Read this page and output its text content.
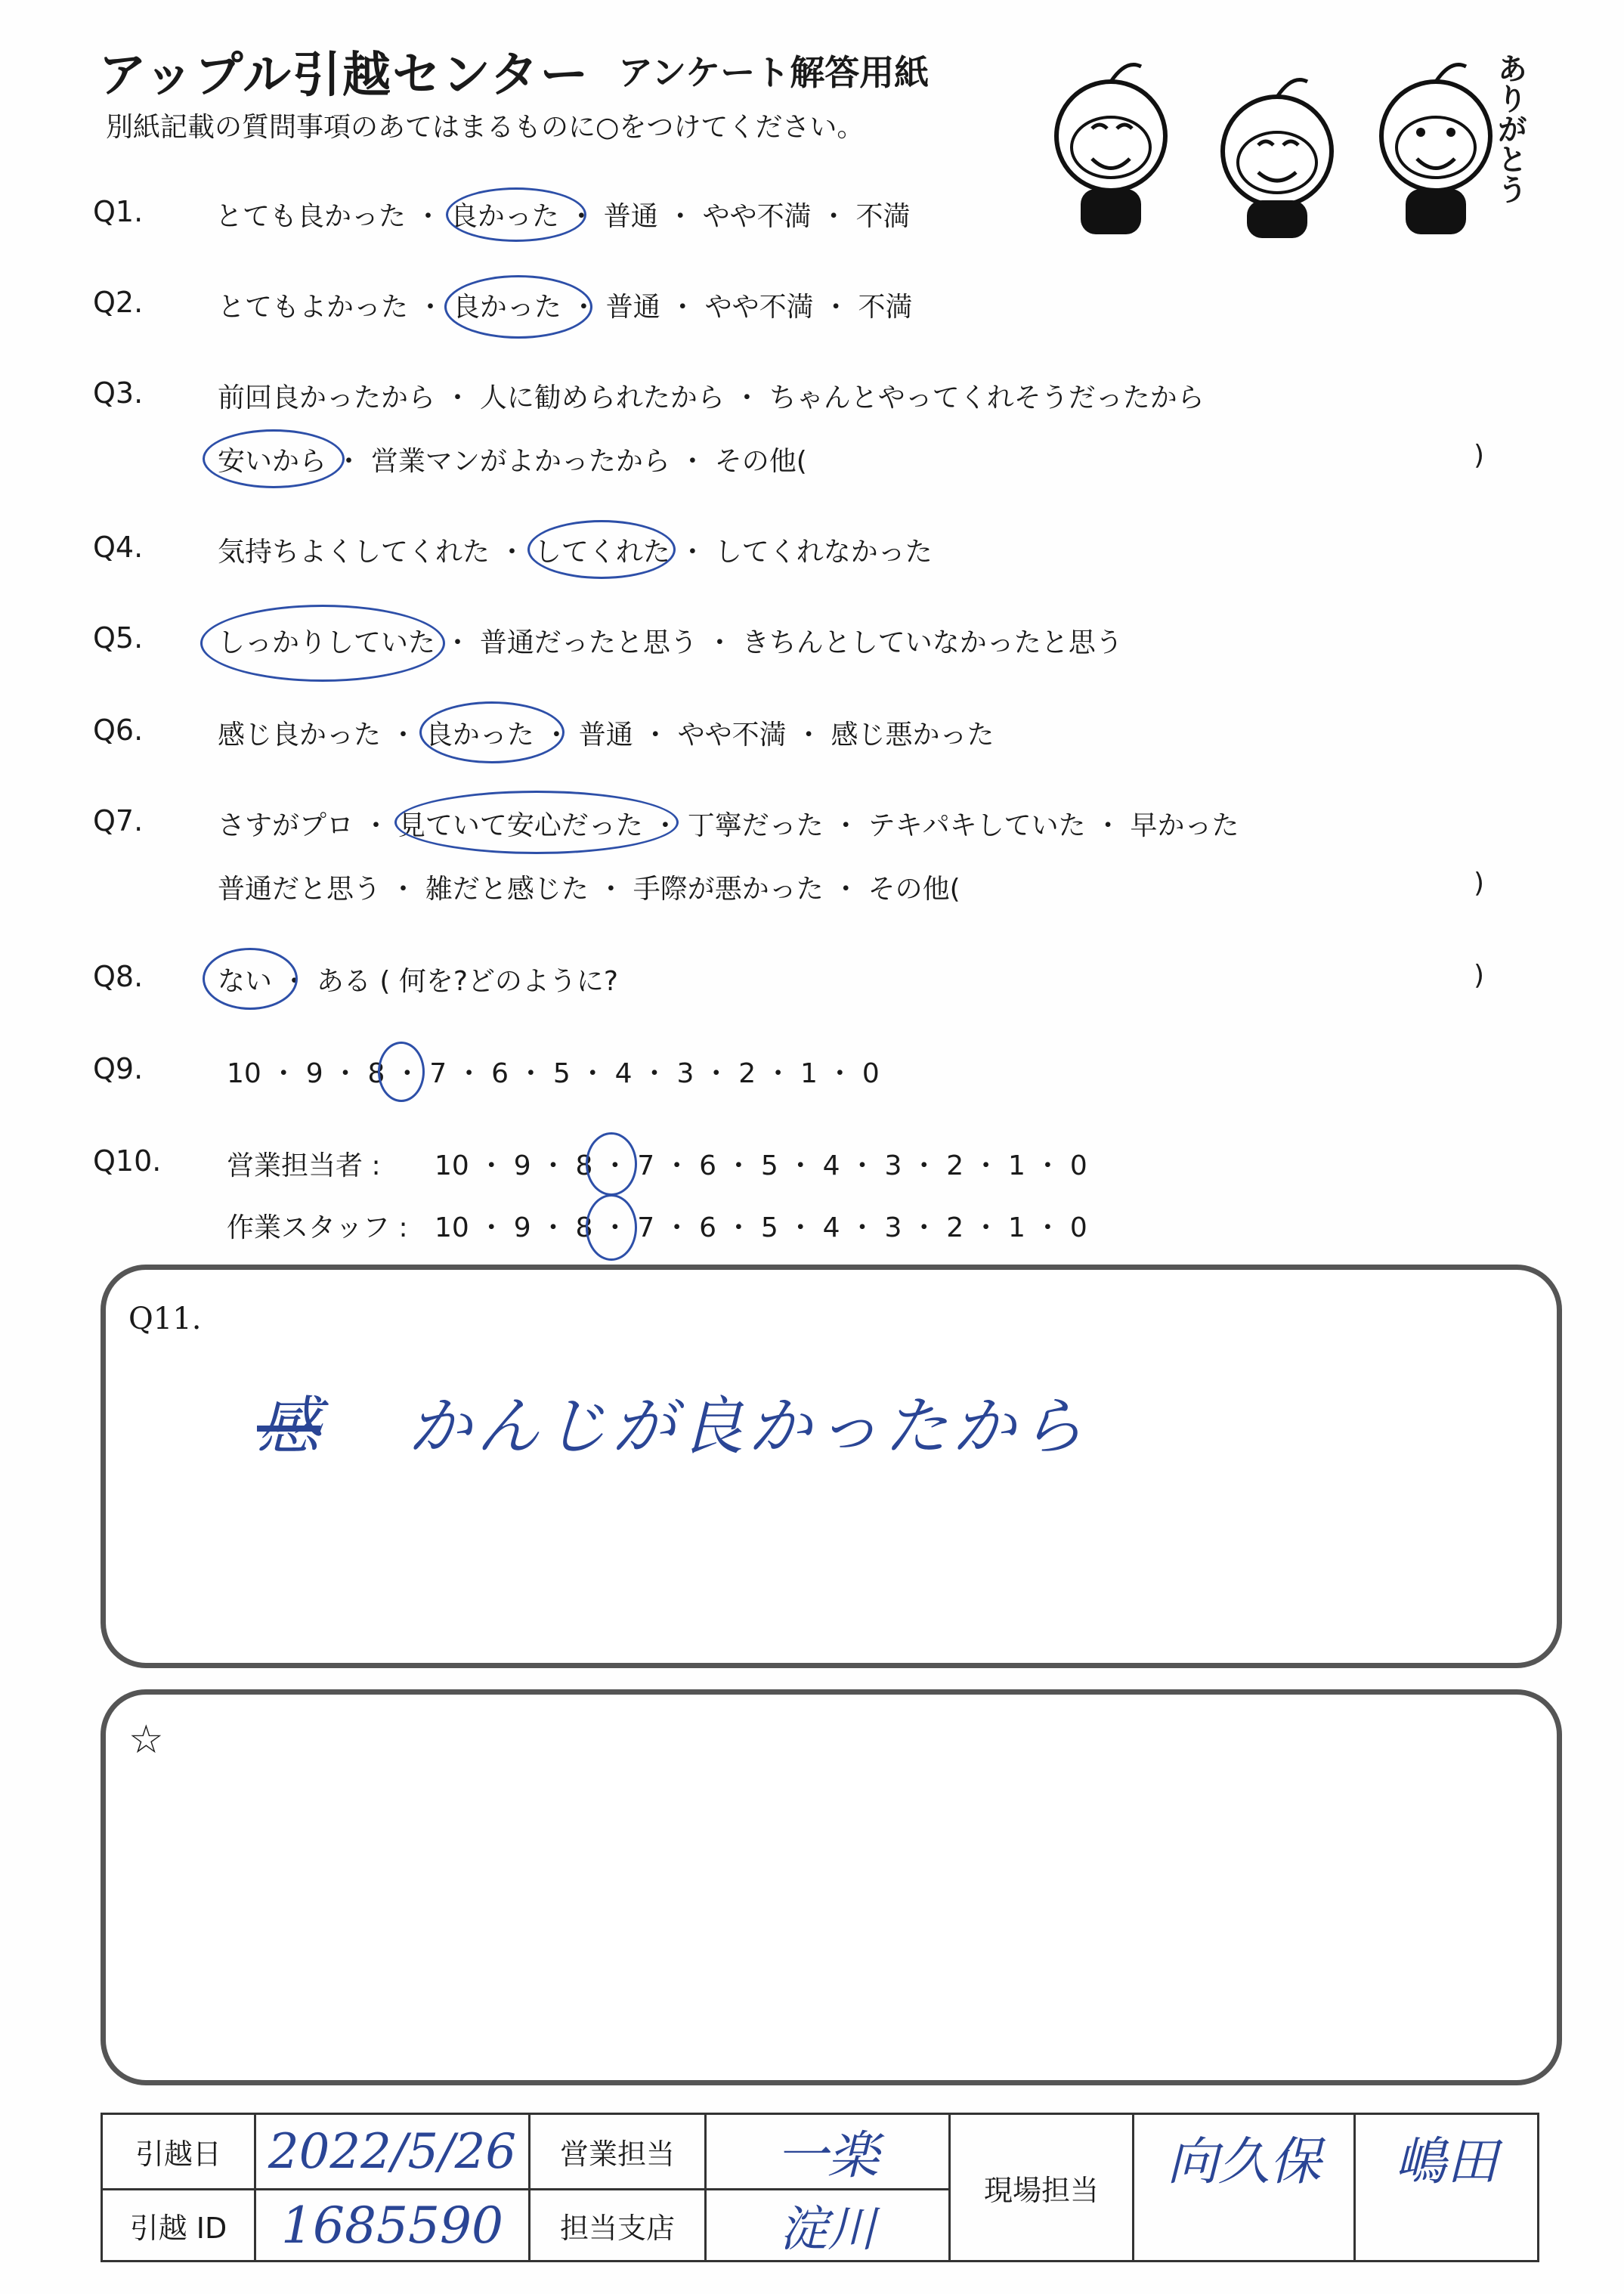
アップル引越センター アンケート解答用紙
別紙記載の質問事項のあてはまるものに○をつけてください。	ありがとう
Q1.	とても良かった ・ 良かった ・ 普通 ・ やや不満 ・ 不満
Q2.	とてもよかった ・ 良かった ・ 普通 ・ やや不満 ・ 不満
Q3.	前回良かったから ・ 人に勧められたから ・ ちゃんとやってくれそうだったから
安いから ・ 営業マンがよかったから ・ その他(	)
Q4.	気持ちよくしてくれた ・ してくれた ・ してくれなかった
Q5.	しっかりしていた ・ 普通だったと思う ・ きちんとしていなかったと思う
Q6.	感じ良かった ・ 良かった ・ 普通 ・ やや不満 ・ 感じ悪かった
Q7.	さすがプロ ・ 見ていて安心だった ・ 丁寧だった ・ テキパキしていた ・ 早かった
普通だと思う ・ 雑だと感じた ・ 手際が悪かった ・ その他(	)
Q8.	ない ・ ある ( 何を?どのように?	)
Q9.	10 ・ 9 ・ 8 ・ 7 ・ 6 ・ 5 ・ 4 ・ 3 ・ 2 ・ 1 ・ 0
Q10. 営業担当者 : 10 ・ 9 ・ 8 ・ 7 ・ 6 ・ 5 ・ 4 ・ 3 ・ 2 ・ 1 ・ 0
作業スタッフ : 10 ・ 9 ・ 8 ・ 7 ・ 6 ・ 5 ・ 4 ・ 3 ・ 2 ・ 1 ・ 0
Q11.
感 かんじが良かったから
☆
引越日	2022/5/26	営業担当	一楽	現場担当	向久保	嶋田
引越 ID	1685590	担当支店	淀川			
